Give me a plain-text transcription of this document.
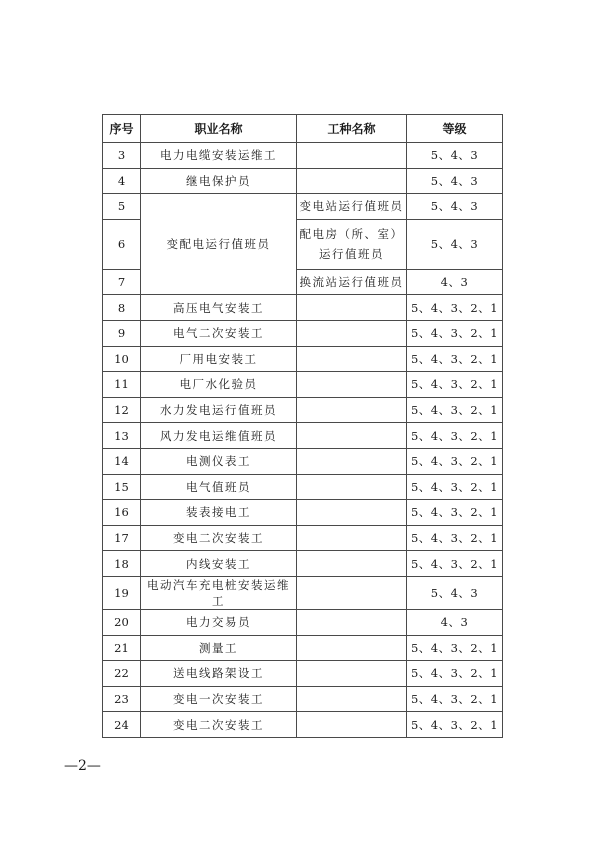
序号	职业名称	工种名称	等级
3	电力电缆安装运维工		5、4、3
4	继电保护员		5、4、3
5	变配电运行值班员	变电站运行值班员	5、4、3
6		配电房（所、室）运行值班员	5、4、3
7		换流站运行值班员	4、3
8	高压电气安装工		5、4、3、2、1
9	电气二次安装工		5、4、3、2、1
10	厂用电安装工		5、4、3、2、1
11	电厂水化验员		5、4、3、2、1
12	水力发电运行值班员		5、4、3、2、1
13	风力发电运维值班员		5、4、3、2、1
14	电测仪表工		5、4、3、2、1
15	电气值班员		5、4、3、2、1
16	装表接电工		5、4、3、2、1
17	变电二次安装工		5、4、3、2、1
18	内线安装工		5、4、3、2、1
19	电动汽车充电桩安装运维工		5、4、3
20	电力交易员		4、3
21	测量工		5、4、3、2、1
22	送电线路架设工		5、4、3、2、1
23	变电一次安装工		5、4、3、2、1
24	变电二次安装工		5、4、3、2、1
—2—
